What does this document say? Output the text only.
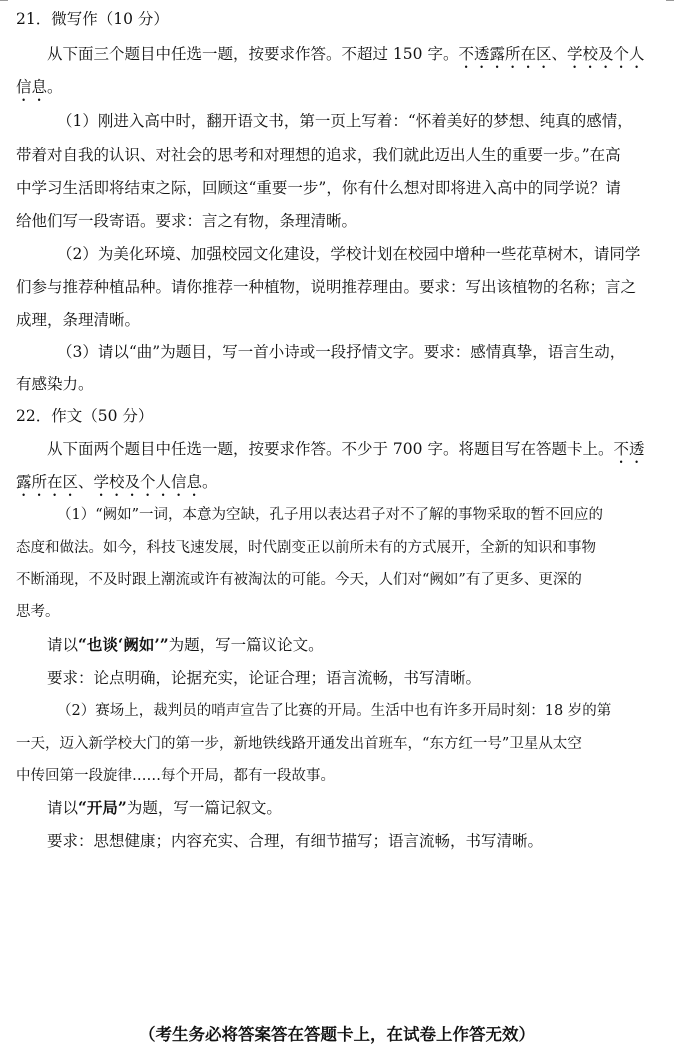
21．微写作（10 分）
从下面三个题目中任选一题，按要求作答。不超过 150 字。不透露所在区、学校及个人
信息。
（1）刚进入高中时，翻开语文书，第一页上写着：“怀着美好的梦想、纯真的感情，
带着对自我的认识、对社会的思考和对理想的追求，我们就此迈出人生的重要一步。”在高
中学习生活即将结束之际，回顾这“重要一步”，你有什么想对即将进入高中的同学说？请
给他们写一段寄语。要求：言之有物，条理清晰。
（2）为美化环境、加强校园文化建设，学校计划在校园中增种一些花草树木，请同学
们参与推荐种植品种。请你推荐一种植物，说明推荐理由。要求：写出该植物的名称；言之
成理，条理清晰。
（3）请以“曲”为题目，写一首小诗或一段抒情文字。要求：感情真挚，语言生动，
有感染力。
22．作文（50 分）
从下面两个题目中任选一题，按要求作答。不少于 700 字。将题目写在答题卡上。不透
露所在区、学校及个人信息。
（1）“阙如”一词，本意为空缺，孔子用以表达君子对不了解的事物采取的暂不回应的
态度和做法。如今，科技飞速发展，时代剧变正以前所未有的方式展开，全新的知识和事物
不断涌现，不及时跟上潮流或许有被淘汰的可能。今天，人们对“阙如”有了更多、更深的
思考。
请以“也谈‘阙如’”为题，写一篇议论文。
要求：论点明确，论据充实，论证合理；语言流畅，书写清晰。
（2）赛场上，裁判员的哨声宣告了比赛的开局。生活中也有许多开局时刻：18 岁的第
一天，迈入新学校大门的第一步，新地铁线路开通发出首班车，“东方红一号”卫星从太空
中传回第一段旋律……每个开局，都有一段故事。
请以“开局”为题，写一篇记叙文。
要求：思想健康；内容充实、合理，有细节描写；语言流畅，书写清晰。
（考生务必将答案答在答题卡上，在试卷上作答无效）
